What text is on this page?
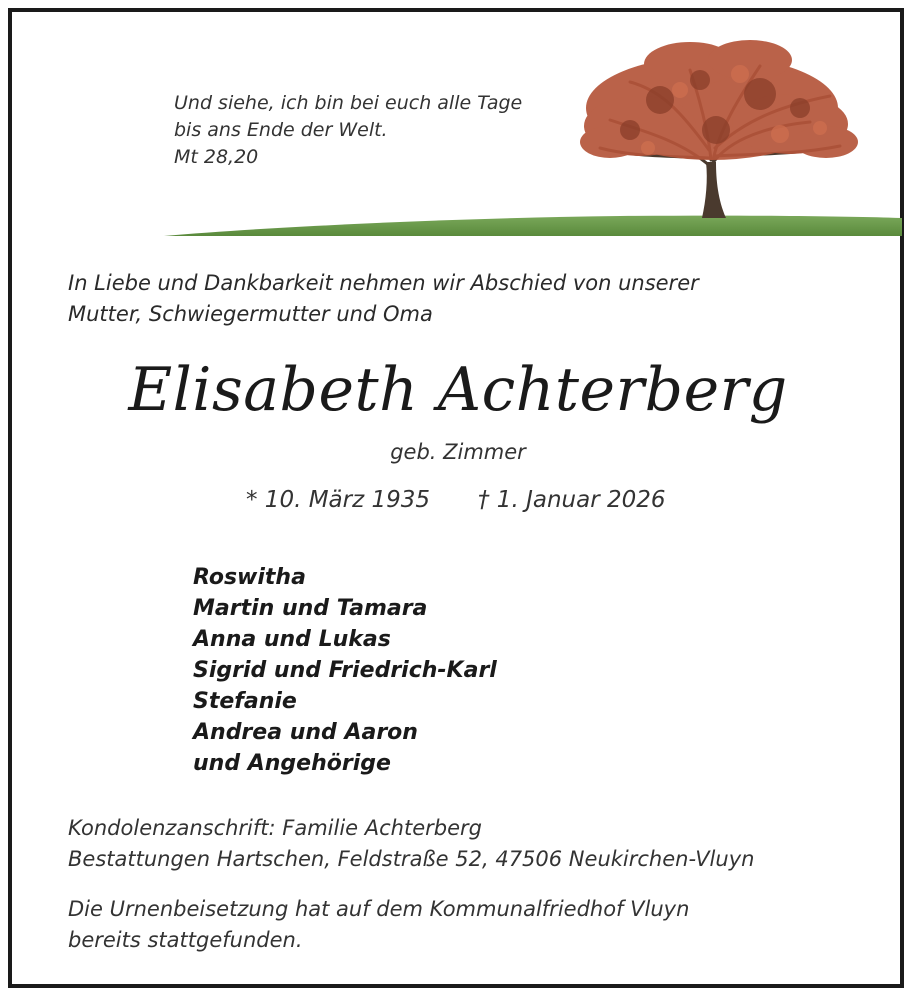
Und siehe, ich bin bei euch alle Tage
bis ans Ende der Welt.
Mt 28,20
In Liebe und Dankbarkeit nehmen wir Abschied von unserer
Mutter, Schwiegermutter und Oma
Elisabeth Achterberg
geb. Zimmer
* 10. März 1935 † 1. Januar 2026
Roswitha
Martin und Tamara
Anna und Lukas
Sigrid und Friedrich-Karl
Stefanie
Andrea und Aaron
und Angehörige
Kondolenzanschrift: Familie Achterberg
Bestattungen Hartschen, Feldstraße 52, 47506 Neukirchen-Vluyn
Die Urnenbeisetzung hat auf dem Kommunalfriedhof Vluyn
bereits stattgefunden.
